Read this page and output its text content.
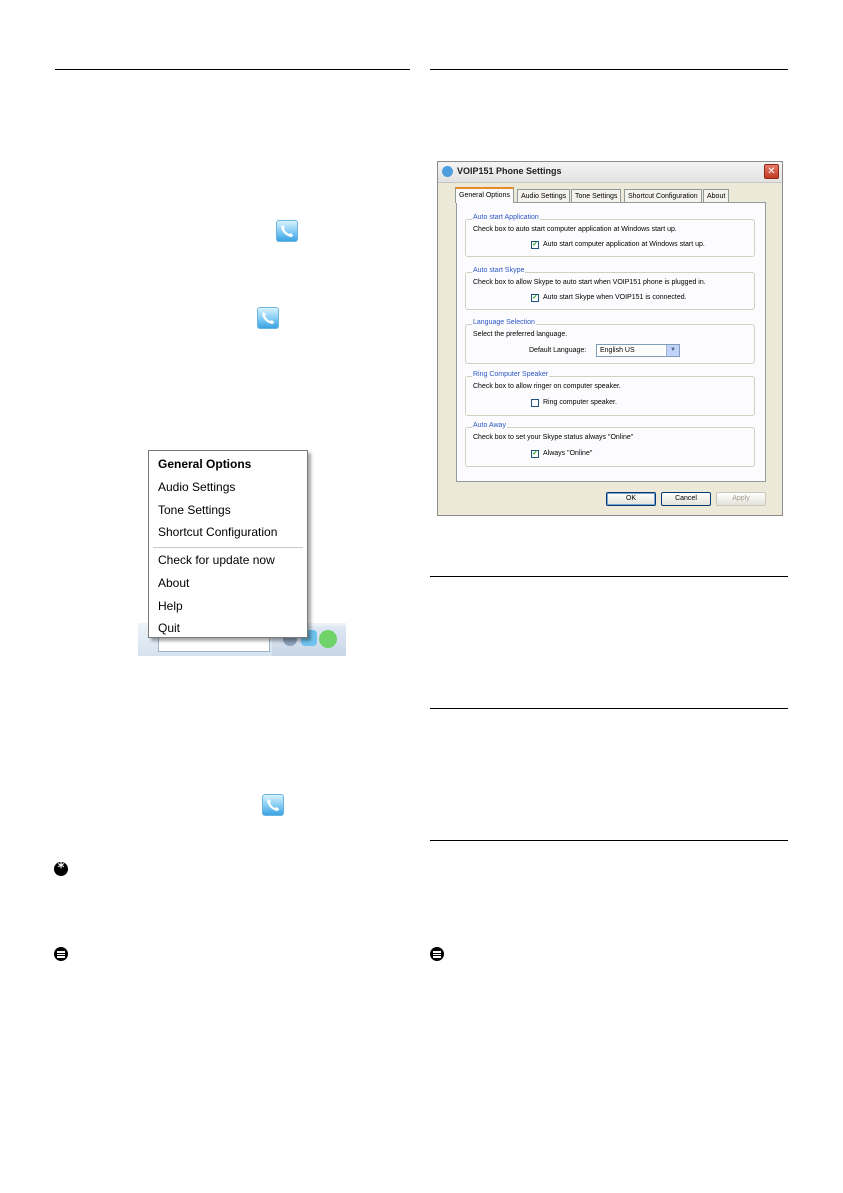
General Options
Audio Settings
Tone Settings
Shortcut Configuration
Check for update now
About
Help
Quit
VOIP151 Phone Settings	✕
General Options	Audio Settings	Tone Settings	Shortcut Configuration	About
Auto start Application
Check box to auto start computer application at Windows start up.
✓ Auto start computer application at Windows start up.
Auto start Skype
Check box to allow Skype to auto start when VOIP151 phone is plugged in.
✓ Auto start Skype when VOIP151 is connected.
Language Selection
Select the preferred language.
Default Language:	English US	▼
Ring Computer Speaker
Check box to allow ringer on computer speaker.
Ring computer speaker.
Auto Away
Check box to set your Skype status always "Online"
✓ Always "Online"
OK	Cancel	Apply
*
